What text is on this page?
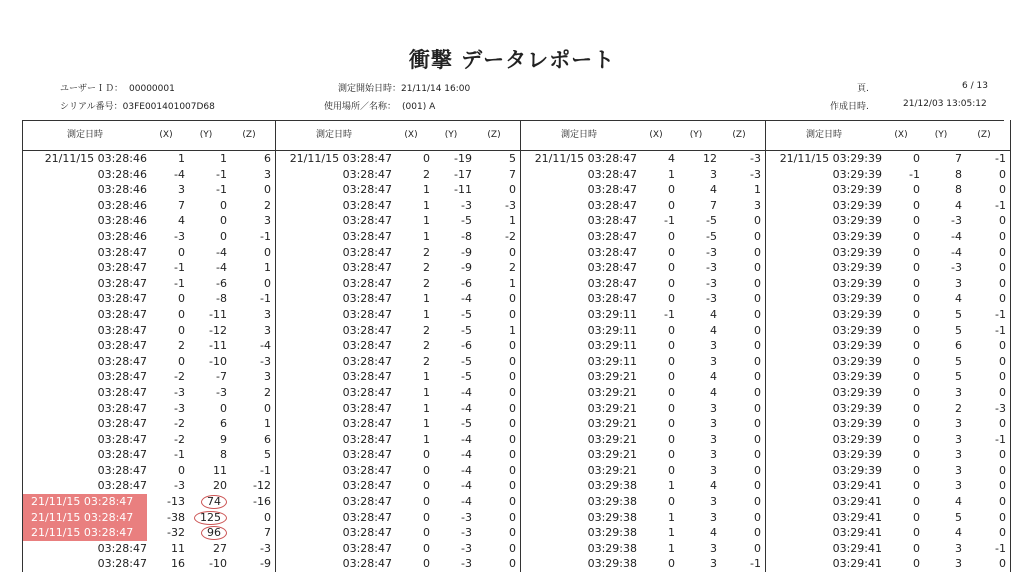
衝撃 データレポート
ユーザーＩＤ： 00000001
シリアル番号：03FE001401007D68
測定開始日時：21/11/14 16:00
使用場所／名称： (001) A
頁.	6 / 13
作成日時.	21/12/03 13:05:12
測定日時	(X)	(Y)	(Z)	測定日時	(X)	(Y)	(Z)	測定日時	(X)	(Y)	(Z)	測定日時	(X)	(Y)	(Z)
21/11/15 03:28:46	1	1	6	21/11/15 03:28:47	0	-19	5	21/11/15 03:28:47	4	12	-3	21/11/15 03:29:39	0	7	-1
03:28:46	-4	-1	3	03:28:47	2	-17	7	03:28:47	1	3	-3	03:29:39	-1	8	0
03:28:46	3	-1	0	03:28:47	1	-11	0	03:28:47	0	4	1	03:29:39	0	8	0
03:28:46	7	0	2	03:28:47	1	-3	-3	03:28:47	0	7	3	03:29:39	0	4	-1
03:28:46	4	0	3	03:28:47	1	-5	1	03:28:47	-1	-5	0	03:29:39	0	-3	0
03:28:46	-3	0	-1	03:28:47	1	-8	-2	03:28:47	0	-5	0	03:29:39	0	-4	0
03:28:47	0	-4	0	03:28:47	2	-9	0	03:28:47	0	-3	0	03:29:39	0	-4	0
03:28:47	-1	-4	1	03:28:47	2	-9	2	03:28:47	0	-3	0	03:29:39	0	-3	0
03:28:47	-1	-6	0	03:28:47	2	-6	1	03:28:47	0	-3	0	03:29:39	0	3	0
03:28:47	0	-8	-1	03:28:47	1	-4	0	03:28:47	0	-3	0	03:29:39	0	4	0
03:28:47	0	-11	3	03:28:47	1	-5	0	03:29:11	-1	4	0	03:29:39	0	5	-1
03:28:47	0	-12	3	03:28:47	2	-5	1	03:29:11	0	4	0	03:29:39	0	5	-1
03:28:47	2	-11	-4	03:28:47	2	-6	0	03:29:11	0	3	0	03:29:39	0	6	0
03:28:47	0	-10	-3	03:28:47	2	-5	0	03:29:11	0	3	0	03:29:39	0	5	0
03:28:47	-2	-7	3	03:28:47	1	-5	0	03:29:21	0	4	0	03:29:39	0	5	0
03:28:47	-3	-3	2	03:28:47	1	-4	0	03:29:21	0	4	0	03:29:39	0	3	0
03:28:47	-3	0	0	03:28:47	1	-4	0	03:29:21	0	3	0	03:29:39	0	2	-3
03:28:47	-2	6	1	03:28:47	1	-5	0	03:29:21	0	3	0	03:29:39	0	3	0
03:28:47	-2	9	6	03:28:47	1	-4	0	03:29:21	0	3	0	03:29:39	0	3	-1
03:28:47	-1	8	5	03:28:47	0	-4	0	03:29:21	0	3	0	03:29:39	0	3	0
03:28:47	0	11	-1	03:28:47	0	-4	0	03:29:21	0	3	0	03:29:39	0	3	0
03:28:47	-3	20	-12	03:28:47	0	-4	0	03:29:38	1	4	0	03:29:41	0	3	0
21/11/15 03:28:47	-13	74	-16	03:28:47	0	-4	0	03:29:38	0	3	0	03:29:41	0	4	0
21/11/15 03:28:47	-38	125	0	03:28:47	0	-3	0	03:29:38	1	3	0	03:29:41	0	5	0
21/11/15 03:28:47	-32	96	7	03:28:47	0	-3	0	03:29:38	1	4	0	03:29:41	0	4	0
03:28:47	11	27	-3	03:28:47	0	-3	0	03:29:38	1	3	0	03:29:41	0	3	-1
03:28:47	16	-10	-9	03:28:47	0	-3	0	03:29:38	0	3	-1	03:29:41	0	3	0
